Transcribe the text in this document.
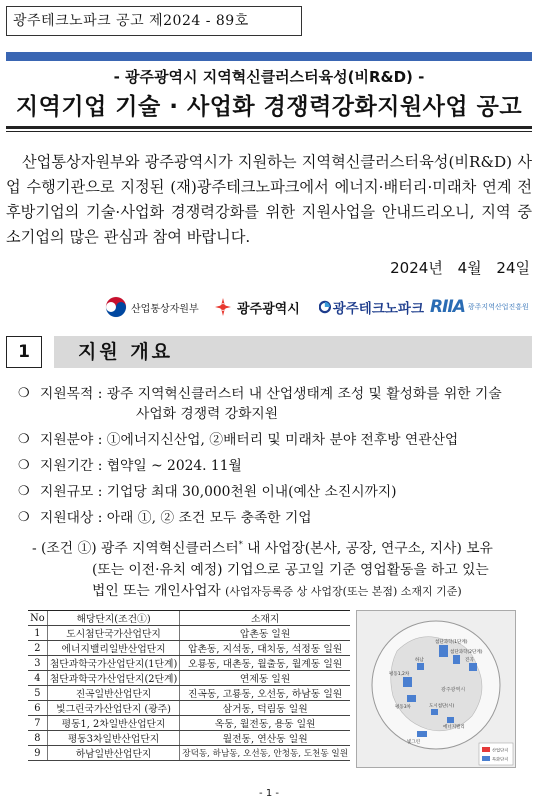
광주테크노파크 공고 제2024 - 89호
- 광주광역시 지역혁신클러스터육성(비R&D) -
지역기업 기술 · 사업화 경쟁력강화지원사업 공고

산업통상자원부와 광주광역시가 지원하는 지역혁신클러스터육성(비R&D) 사업 수행기관으로 지정된 (재)광주테크노파크에서 에너지·배터리·미래차 연계 전후방기업의 기술·사업화 경쟁력강화를 위한 지원사업을 안내드리오니, 지역 중소기업의 많은 관심과 참여 바랍니다.

2024년 4월 24일
산업통상자원부	광주광역시 광주테크노파크 RIIA 광주지역산업진흥원
1	지원 개요
❍ 지원목적 : 광주 지역혁신클러스터 내 산업생태계 조성 및 활성화를 위한 기술
사업화 경쟁력 강화지원
❍ 지원분야 : ①에너지신산업, ②배터리 및 미래차 분야 전후방 연관산업
❍ 지원기간 : 협약일 ~ 2024. 11월
❍ 지원규모 : 기업당 최대 30,000천원 이내(예산 소진시까지)
❍ 지원대상 : 아래 ①, ② 조건 모두 충족한 기업
- (조건 ①) 광주 지역혁신클러스터* 내 사업장(본사, 공장, 연구소, 지사) 보유
(또는 이전·유치 예정) 기업으로 공고일 기준 영업활동을 하고 있는
법인 또는 개인사업자 (사업자등록증 상 사업장(또는 본점) 소재지 기준)
No	해당단지(조건①)	소재지
1	도시첨단국가산업단지	압촌동 일원
2	에너지밸리일반산업단지	압촌동, 지석동, 대치동, 석정동 일원
3	첨단과학국가산업단지(1단계)	오룡동, 대촌동, 월출동, 월계동 일원
4	첨단과학국가산업단지(2단계)	연제동 일원
5	진곡일반산업단지	진곡동, 고룡동, 오선동, 하남동 일원
6	빛그린국가산업단지 (광주)	삼거동, 덕림동 일원
7	평동1, 2차일반산업단지	옥동, 월전동, 용동 일원
8	평동3차일반산업단지	월전동, 연산동 일원
9	하남일반산업단지	장덕동, 하남동, 오선동, 안청동, 도천동 일원
첨단과학(1단계)
첨단과학(2단계)
진곡
하남
평동1,2차
평동3차	도시첨단(시)
에너지밸리
빛그린
광주광역시
산업단지
특화단지
- 1 -
